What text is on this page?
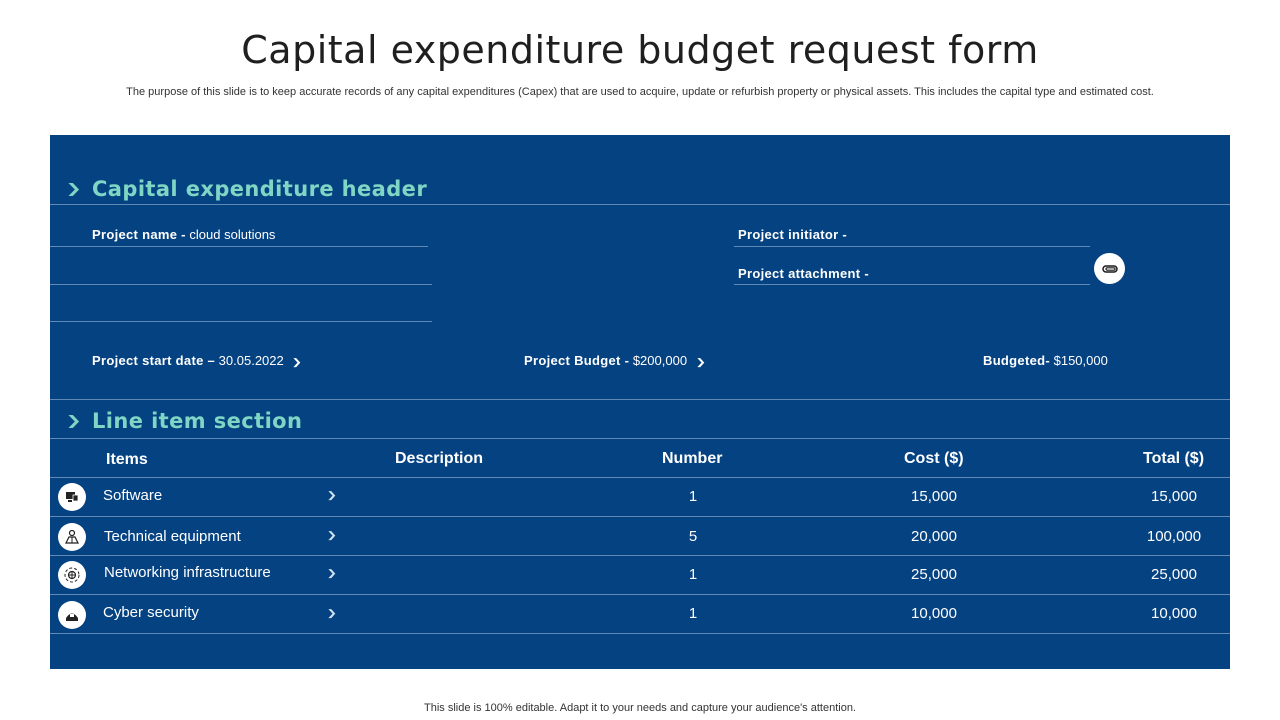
Capital expenditure budget request form
The purpose of this slide is to keep accurate records of any capital expenditures (Capex) that are used to acquire, update or refurbish property or physical assets. This includes the capital type and estimated cost.
❯ Capital expenditure header
Project name - cloud solutions	Project initiator -
Project attachment -
Project start date – 30.05.2022 ❯	Project Budget - $200,000 ❯	Budgeted- $150,000
❯ Line item section
Items	Description	Number	Cost ($)	Total ($)
Software	❯	1	15,000	15,000
Technical equipment	❯	5	20,000	100,000
Networking infrastructure	❯	1	25,000	25,000
Cyber security	❯	1	10,000	10,000
This slide is 100% editable. Adapt it to your needs and capture your audience's attention.
